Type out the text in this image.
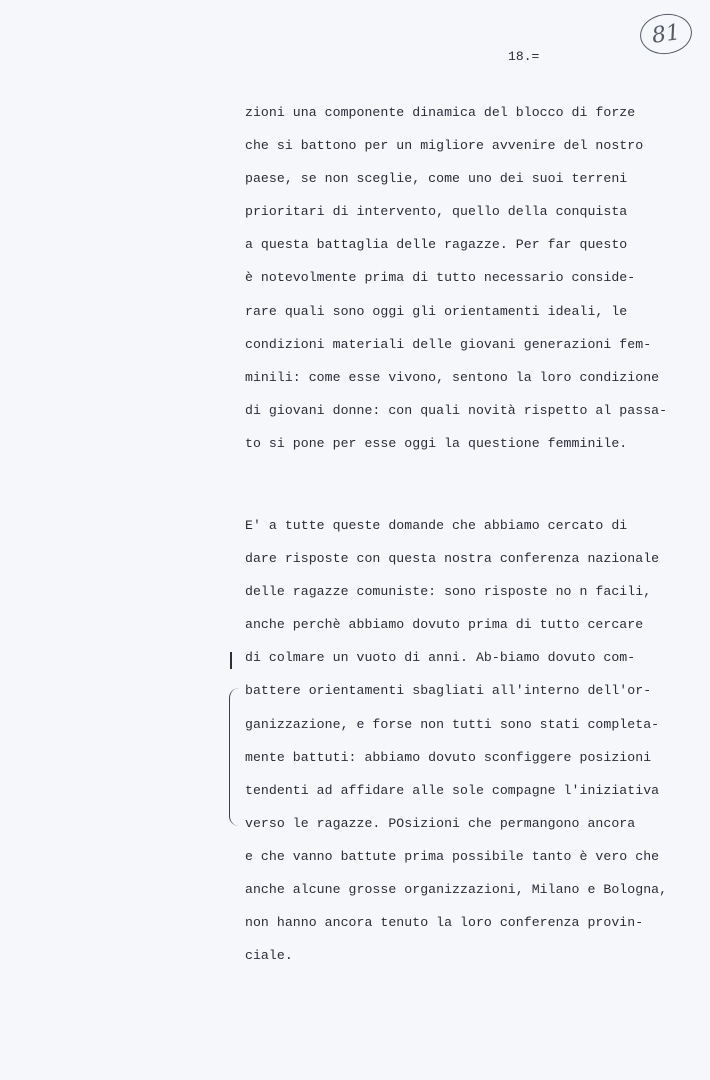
81
18.=
zioni una componente dinamica del blocco di forze
che si battono per un migliore avvenire del nostro
paese, se non sceglie, come uno dei suoi terreni
prioritari di intervento, quello della conquista
a questa battaglia delle ragazze. Per far questo
è notevolmente prima di tutto necessario conside-
rare quali sono oggi gli orientamenti ideali, le
condizioni materiali delle giovani generazioni fem-
minili: come esse vivono, sentono la loro condizione
di giovani donne: con quali novità rispetto al passa-
to si pone per esse oggi la questione femminile.
E' a tutte queste domande che abbiamo cercato di
dare risposte con questa nostra conferenza nazionale
delle ragazze comuniste: sono risposte no n facili,
anche perchè abbiamo dovuto prima di tutto cercare
di colmare un vuoto di anni. Ab-biamo dovuto com-
battere orientamenti sbagliati all'interno dell'or-
ganizzazione, e forse non tutti sono stati completa-
mente battuti: abbiamo dovuto sconfiggere posizioni
tendenti ad affidare alle sole compagne l'iniziativa
verso le ragazze. POsizioni che permangono ancora
e che vanno battute prima possibile tanto è vero che
anche alcune grosse organizzazioni, Milano e Bologna,
non hanno ancora tenuto la loro conferenza provin-
ciale.
